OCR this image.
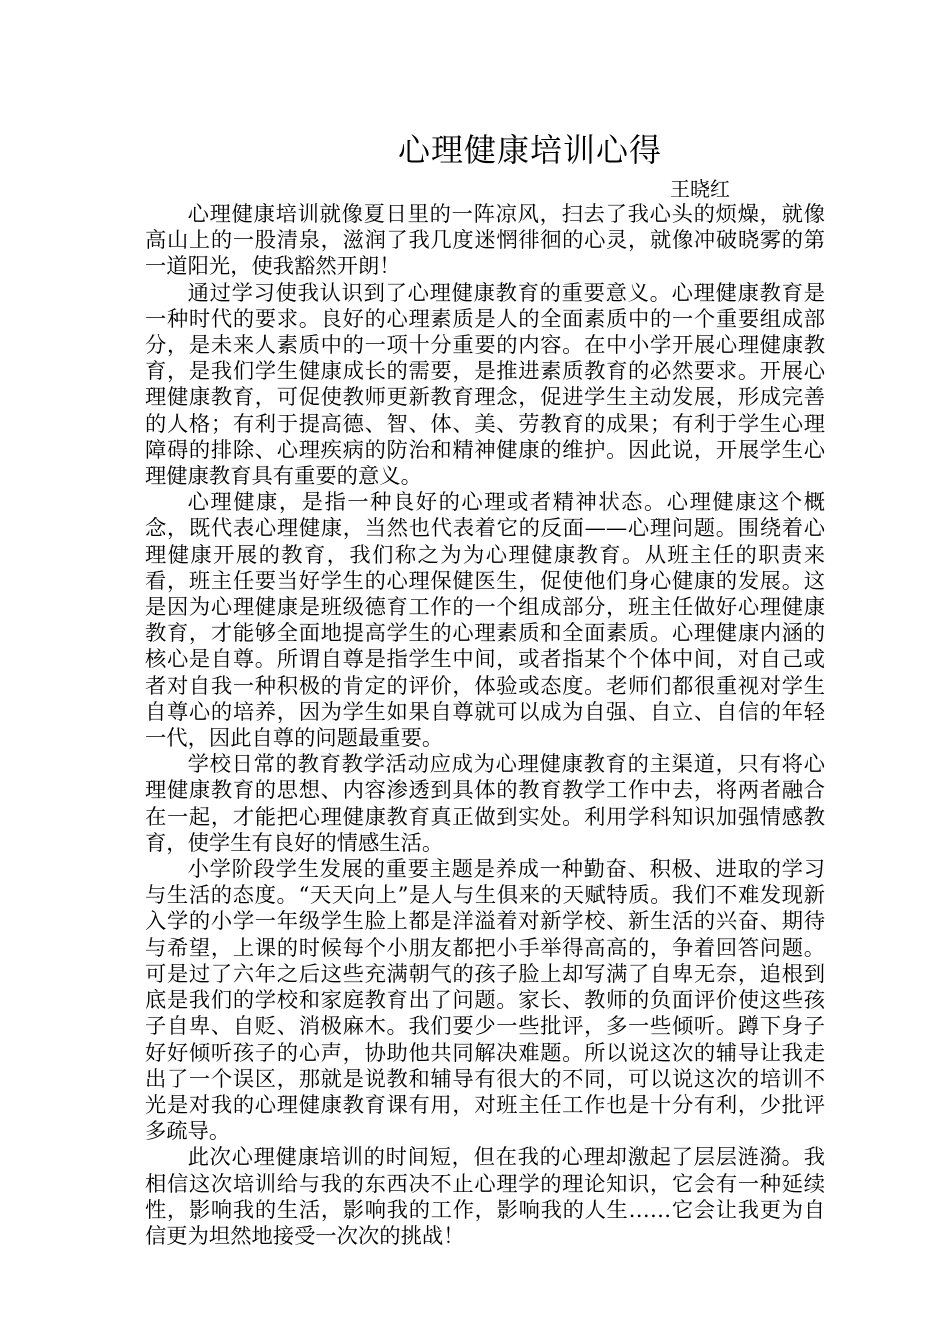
心理健康培训心得

王晓红

心理健康培训就像夏日里的一阵凉风，扫去了我心头的烦燥，就像高山上的一股清泉，滋润了我几度迷惘徘徊的心灵，就像冲破晓雾的第一道阳光，使我豁然开朗！

通过学习使我认识到了心理健康教育的重要意义。心理健康教育是一种时代的要求。良好的心理素质是人的全面素质中的一个重要组成部分，是未来人素质中的一项十分重要的内容。在中小学开展心理健康教育，是我们学生健康成长的需要，是推进素质教育的必然要求。开展心理健康教育，可促使教师更新教育理念，促进学生主动发展，形成完善的人格；有利于提高德、智、体、美、劳教育的成果；有利于学生心理障碍的排除、心理疾病的防治和精神健康的维护。因此说，开展学生心理健康教育具有重要的意义。

心理健康，是指一种良好的心理或者精神状态。心理健康这个概念，既代表心理健康，当然也代表着它的反面——心理问题。围绕着心理健康开展的教育，我们称之为为心理健康教育。从班主任的职责来看，班主任要当好学生的心理保健医生，促使他们身心健康的发展。这是因为心理健康是班级德育工作的一个组成部分，班主任做好心理健康教育，才能够全面地提高学生的心理素质和全面素质。心理健康内涵的核心是自尊。所谓自尊是指学生中间，或者指某个个体中间，对自己或者对自我一种积极的肯定的评价，体验或态度。老师们都很重视对学生自尊心的培养，因为学生如果自尊就可以成为自强、自立、自信的年轻一代，因此自尊的问题最重要。

学校日常的教育教学活动应成为心理健康教育的主渠道，只有将心理健康教育的思想、内容渗透到具体的教育教学工作中去，将两者融合在一起，才能把心理健康教育真正做到实处。利用学科知识加强情感教育，使学生有良好的情感生活。

小学阶段学生发展的重要主题是养成一种勤奋、积极、进取的学习与生活的态度。“天天向上”是人与生俱来的天赋特质。我们不难发现新入学的小学一年级学生脸上都是洋溢着对新学校、新生活的兴奋、期待与希望，上课的时候每个小朋友都把小手举得高高的，争着回答问题。可是过了六年之后这些充满朝气的孩子脸上却写满了自卑无奈，追根到底是我们的学校和家庭教育出了问题。家长、教师的负面评价使这些孩子自卑、自贬、消极麻木。我们要少一些批评，多一些倾听。蹲下身子好好倾听孩子的心声，协助他共同解决难题。所以说这次的辅导让我走出了一个误区，那就是说教和辅导有很大的不同，可以说这次的培训不光是对我的心理健康教育课有用，对班主任工作也是十分有利，少批评多疏导。

此次心理健康培训的时间短，但在我的心理却激起了层层涟漪。我相信这次培训给与我的东西决不止心理学的理论知识，它会有一种延续性，影响我的生活，影响我的工作，影响我的人生……它会让我更为自信更为坦然地接受一次次的挑战！
